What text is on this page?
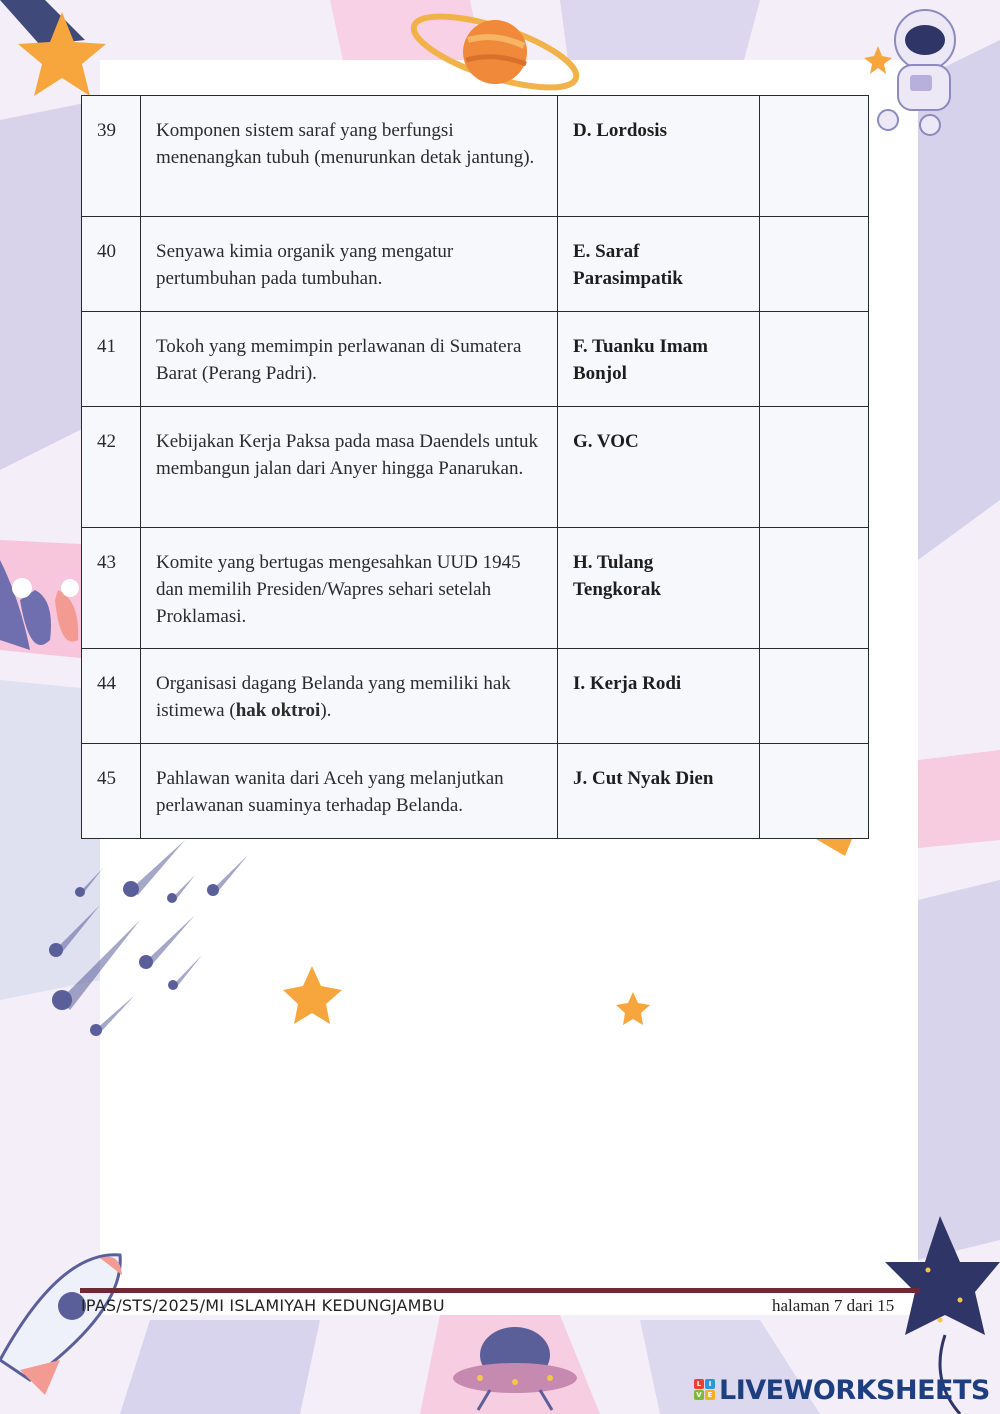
39	Komponen sistem saraf yang berfungsi menenangkan tubuh (menurunkan detak jantung).	D. Lordosis	
40	Senyawa kimia organik yang mengatur pertumbuhan pada tumbuhan.	E. Saraf Parasimpatik	
41	Tokoh yang memimpin perlawanan di Sumatera Barat (Perang Padri).	F. Tuanku Imam Bonjol	
42	Kebijakan Kerja Paksa pada masa Daendels untuk membangun jalan dari Anyer hingga Panarukan.	G. VOC	
43	Komite yang bertugas mengesahkan UUD 1945 dan memilih Presiden/Wapres sehari setelah Proklamasi.	H. Tulang Tengkorak	
44	Organisasi dagang Belanda yang memiliki hak istimewa (hak oktroi).	I. Kerja Rodi	
45	Pahlawan wanita dari Aceh yang melanjutkan perlawanan suaminya terhadap Belanda.	J. Cut Nyak Dien	
IPAS/STS/2025/MI ISLAMIYAH KEDUNGJAMBU	halaman 7 dari 15
L	I
V E LIVEWORKSHEETS
